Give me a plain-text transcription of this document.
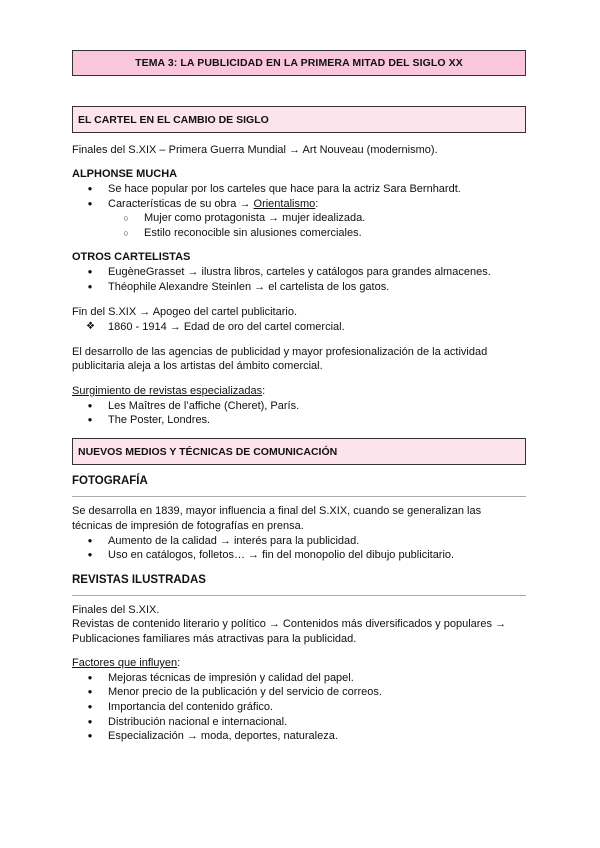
TEMA 3: LA PUBLICIDAD EN LA PRIMERA MITAD DEL SIGLO XX
EL CARTEL EN EL CAMBIO DE SIGLO
Finales del S.XIX – Primera Guerra Mundial → Art Nouveau (modernismo).
ALPHONSE MUCHA
● Se hace popular por los carteles que hace para la actriz Sara Bernhardt.
● Características de su obra → Orientalismo:
○ Mujer como protagonista → mujer idealizada.
○ Estilo reconocible sin alusiones comerciales.
OTROS CARTELISTAS
● EugèneGrasset → ilustra libros, carteles y catálogos para grandes almacenes.
● Théophile Alexandre Steinlen → el cartelista de los gatos.
Fin del S.XIX → Apogeo del cartel publicitario.
❖ 1860 - 1914 → Edad de oro del cartel comercial.
El desarrollo de las agencias de publicidad y mayor profesionalización de la actividad
publicitaria aleja a los artistas del ámbito comercial.
Surgimiento de revistas especializadas:
● Les Maîtres de l’affiche (Cheret), París.
● The Poster, Londres.
NUEVOS MEDIOS Y TÉCNICAS DE COMUNICACIÓN
FOTOGRAFÍA
Se desarrolla en 1839, mayor influencia a final del S.XIX, cuando se generalizan las
técnicas de impresión de fotografías en prensa.
● Aumento de la calidad → interés para la publicidad.
● Uso en catálogos, folletos… → fin del monopolio del dibujo publicitario.
REVISTAS ILUSTRADAS
Finales del S.XIX.
Revistas de contenido literario y político → Contenidos más diversificados y populares →
Publicaciones familiares más atractivas para la publicidad.
Factores que influyen:
● Mejoras técnicas de impresión y calidad del papel.
● Menor precio de la publicación y del servicio de correos.
● Importancia del contenido gráfico.
● Distribución nacional e internacional.
● Especialización → moda, deportes, naturaleza.
